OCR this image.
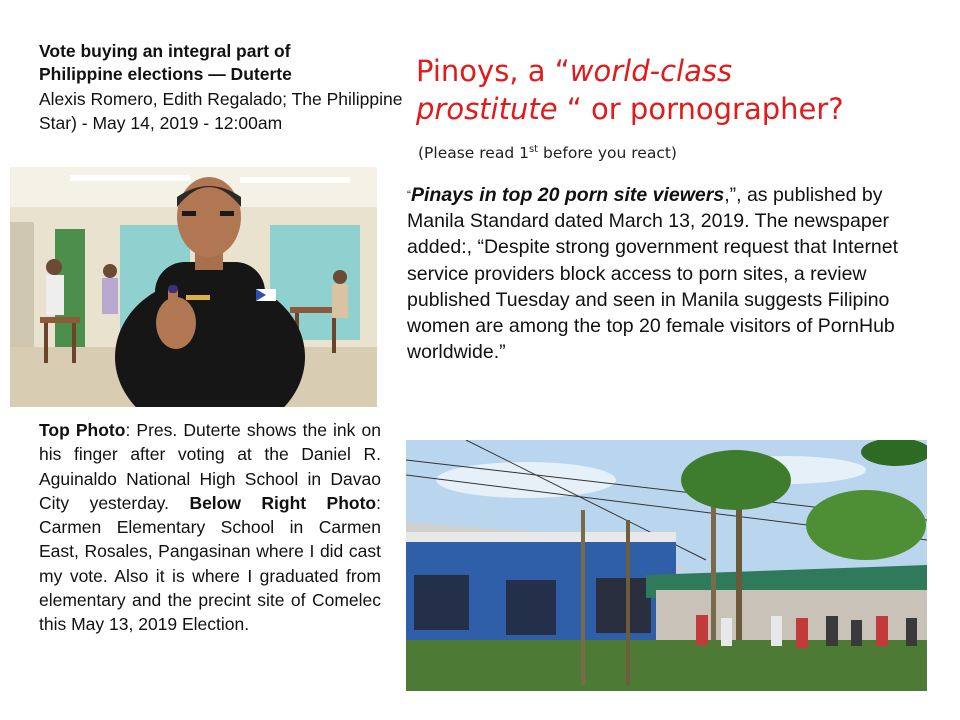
Vote buying an integral part of
Philippine elections — Duterte
Alexis Romero, Edith Regalado; The Philippine Star) - May 14, 2019 - 12:00am
Pinoys, a “world-class
prostitute “ or pornographer?
(Please read 1st before you react)
Top Photo: Pres. Duterte shows the ink on his finger after voting at the Daniel R. Aguinaldo National High School in Davao City yesterday. Below Right Photo: Carmen Elementary School in Carmen East, Rosales, Pangasinan where I did cast my vote. Also it is where I graduated from elementary and the precint site of Comelec this May 13, 2019 Election.
“Pinays in top 20 porn site viewers,”, as published by Manila Standard dated March 13, 2019. The newspaper added:, “Despite strong government request that Internet service providers block access to porn sites, a review published Tuesday and seen in Manila suggests Filipino women are among the top 20 female visitors of PornHub worldwide.”
